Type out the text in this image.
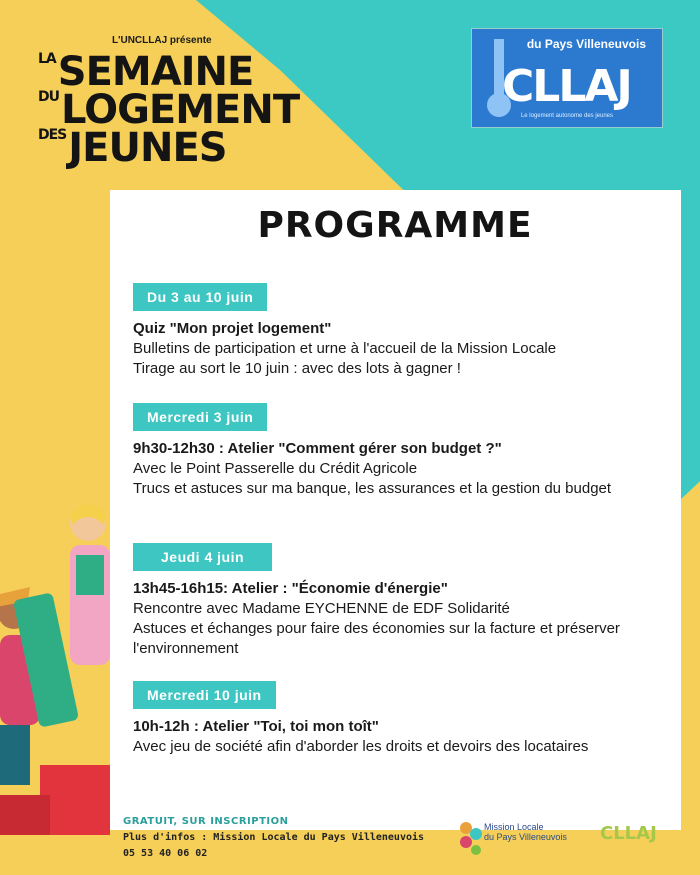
L'UNCLLAJ présente
LASEMAINE
DULOGEMENT
DESJEUNES
du Pays Villeneuvois
CLLAJ
Le logement autonome des jeunes
PROGRAMME
Du 3 au 10 juin
Quiz "Mon projet logement"
Bulletins de participation et urne à l'accueil de la Mission Locale
Tirage au sort le 10 juin : avec des lots à gagner !
Mercredi 3 juin
9h30-12h30 : Atelier "Comment gérer son budget ?"
Avec le Point Passerelle du Crédit Agricole
Trucs et astuces sur ma banque, les assurances et la gestion du budget
Jeudi 4 juin
13h45-16h15: Atelier : "Économie d'énergie"
Rencontre avec Madame EYCHENNE de EDF Solidarité
Astuces et échanges pour faire des économies sur la facture et préserver l'environnement
Mercredi 10 juin
10h-12h : Atelier "Toi, toi mon toît"
Avec jeu de société afin d'aborder les droits et devoirs des locataires
GRATUIT, SUR INSCRIPTION
Plus d'infos : Mission Locale du Pays Villeneuvois
05 53 40 06 02
Mission Locale
du Pays Villeneuvois CLLAJ
